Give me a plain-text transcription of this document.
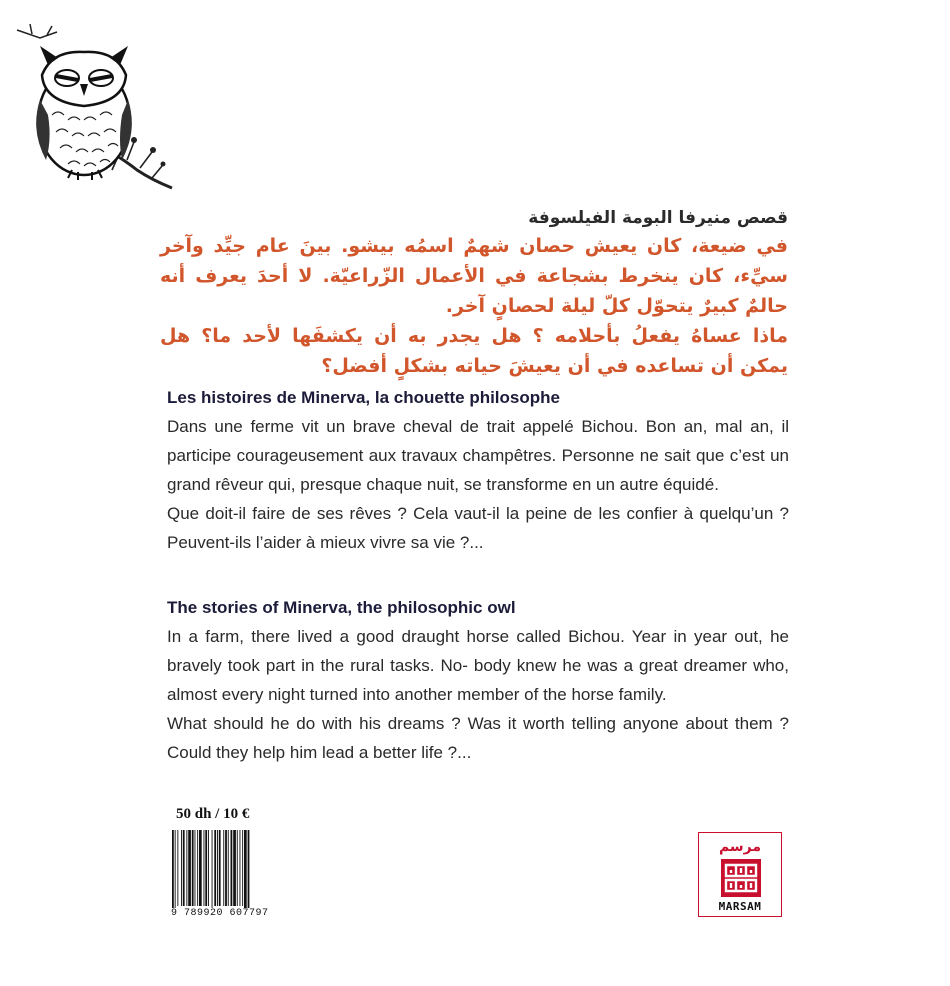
قصص منيرفا البومة الفيلسوفة

في ضيعة، كان يعيش حصان شهمٌ اسمُه بيشو. بينَ عام جيِّد وآخر سيِّء، كان ينخرط بشجاعة في الأعمال الزّراعيّة. لا أحدَ يعرف أنه حالمٌ كبيرٌ يتحوّل كلّ ليلة لحصانٍ آخر.

ماذا عساهُ يفعلُ بأحلامه ؟ هل يجدر به أن يكشفَها لأحد ما؟ هل يمكن أن تساعده في أن يعيشَ حياته بشكلٍ أفضل؟

Les histoires de Minerva, la chouette philosophe

Dans une ferme vit un brave cheval de trait appelé Bichou. Bon an, mal an, il participe courageusement aux travaux champêtres. Personne ne sait que c’est un grand rêveur qui, presque chaque nuit, se transforme en un autre équidé.

Que doit-il faire de ses rêves ? Cela vaut-il la peine de les confier à quelqu’un ? Peuvent-ils l’aider à mieux vivre sa vie ?...

The stories of Minerva, the philosophic owl

In a farm, there lived a good draught horse called Bichou. Year in year out, he bravely took part in the rural tasks. No- body knew he was a great dreamer who, almost every night turned into another member of the horse family.

What should he do with his dreams ? Was it worth telling anyone about them ? Could they help him lead a better life ?...

50 dh / 10 €
9 789920 607797
مرسم
MARSAM
